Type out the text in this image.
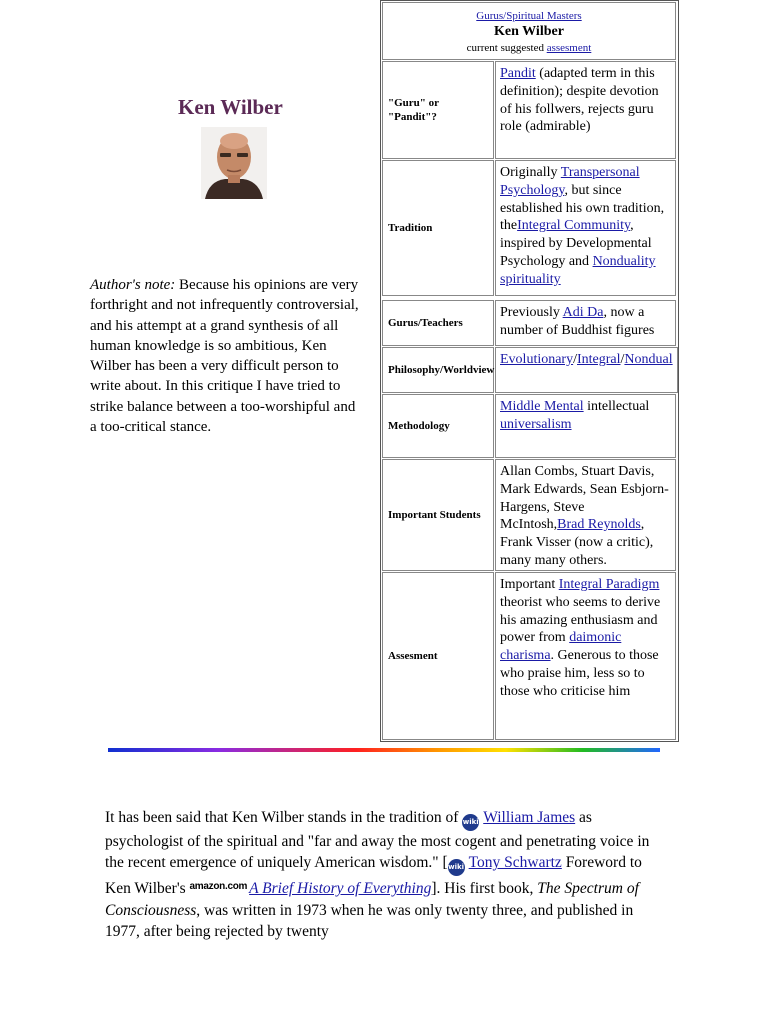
Ken Wilber
Author's note: Because his opinions are very forthright and not infrequently controversial, and his attempt at a grand synthesis of all human knowledge is so ambitious, Ken Wilber has been a very difficult person to write about. In this critique I have tried to strike balance between a too-worshipful and a too-critical stance.
Gurus/Spiritual Masters
Ken Wilber
current suggested assesment
"Guru" or "Pandit"?
Pandit (adapted term in this definition); despite devotion of his follwers, rejects guru role (admirable)
Tradition
Originally Transpersonal Psychology, but since established his own tradition, theIntegral Community, inspired by Developmental Psychology and Nonduality spirituality
Gurus/Teachers
Previously Adi Da, now a number of Buddhist figures
Philosophy/Worldview
Evolutionary/Integral/Nondual
Methodology
Middle Mental intellectual universalism
Important Students
Allan Combs, Stuart Davis, Mark Edwards, Sean Esbjorn-Hargens, Steve McIntosh,Brad Reynolds, Frank Visser (now a critic), many many others.
Assesment
Important Integral Paradigm theorist who seems to derive his amazing enthusiasm and power from daimonic charisma. Generous to those who praise him, less so to those who criticise him
It has been said that Ken Wilber stands in the tradition of wiki William James as psychologist of the spiritual and "far and away the most cogent and penetrating voice in the recent emergence of uniquely American wisdom." [wiki Tony Schwartz Foreword to Ken Wilber's amazon.com A Brief History of Everything]. His first book, The Spectrum of Consciousness, was written in 1973 when he was only twenty three, and published in 1977, after being rejected by twenty
